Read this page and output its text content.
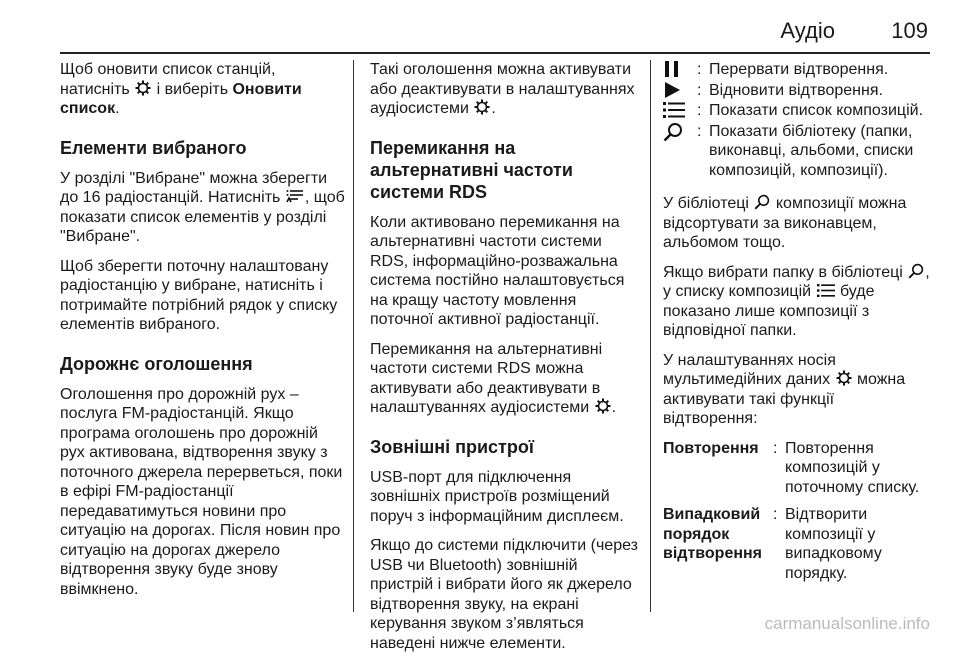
Аудіо	109

Щоб оновити список станцій, натисніть
і виберіть Оновити список.

Елементи вибраного

У розділі "Вибране" можна зберегти до 16 радіостанцій. Натисніть
, щоб показати список елементів у розділі "Вибране".

Щоб зберегти поточну налаштовану радіостанцію у вибране, натисніть і потримайте потрібний рядок у списку елементів вибраного.

Дорожнє оголошення

Оголошення про дорожній рух – послуга FM-радіостанцій. Якщо програма оголошень про дорожній рух активована, відтворення звуку з поточного джерела перерветься, поки в ефірі FM-радіостанції передаватимуться новини про ситуацію на дорогах. Після новин про ситуацію на дорогах джерело відтворення звуку буде знову ввімкнено.

Такі оголошення можна активувати або деактивувати в налаштуваннях аудіосистеми
.

Перемикання на альтернативні частоти системи RDS

Коли активовано перемикання на альтернативні частоти системи RDS, інформаційно-розважальна система постійно налаштовується на кращу частоту мовлення поточної активної радіостанції.

Перемикання на альтернативні частоти системи RDS можна активувати або деактивувати в налаштуваннях аудіосистеми
.

Зовнішні пристрої

USB-порт для підключення зовнішніх пристроїв розміщений поруч з інформаційним дисплеєм.

Якщо до системи підключити (через USB чи Bluetooth) зовнішній пристрій і вибрати його як джерело відтворення звуку, на екрані керування звуком з’являться наведені нижче елементи.

: Перервати відтворення.
: Відновити відтворення.
: Показати список композицій.
: Показати бібліотеку (папки, виконавці, альбоми, списки композицій, композиції).

У бібліотеці
композиції можна відсортувати за виконавцем, альбомом тощо.

Якщо вибрати папку в бібліотеці
, у списку композицій
буде показано лише композиції з відповідної папки.

У налаштуваннях носія мультимедійних даних
можна активувати такі функції відтворення:

Повторення : Повторення композицій у поточному списку.
Випадковий порядок відтворення
: Відтворити композиції у випадковому порядку.
carmanualsonline.info
